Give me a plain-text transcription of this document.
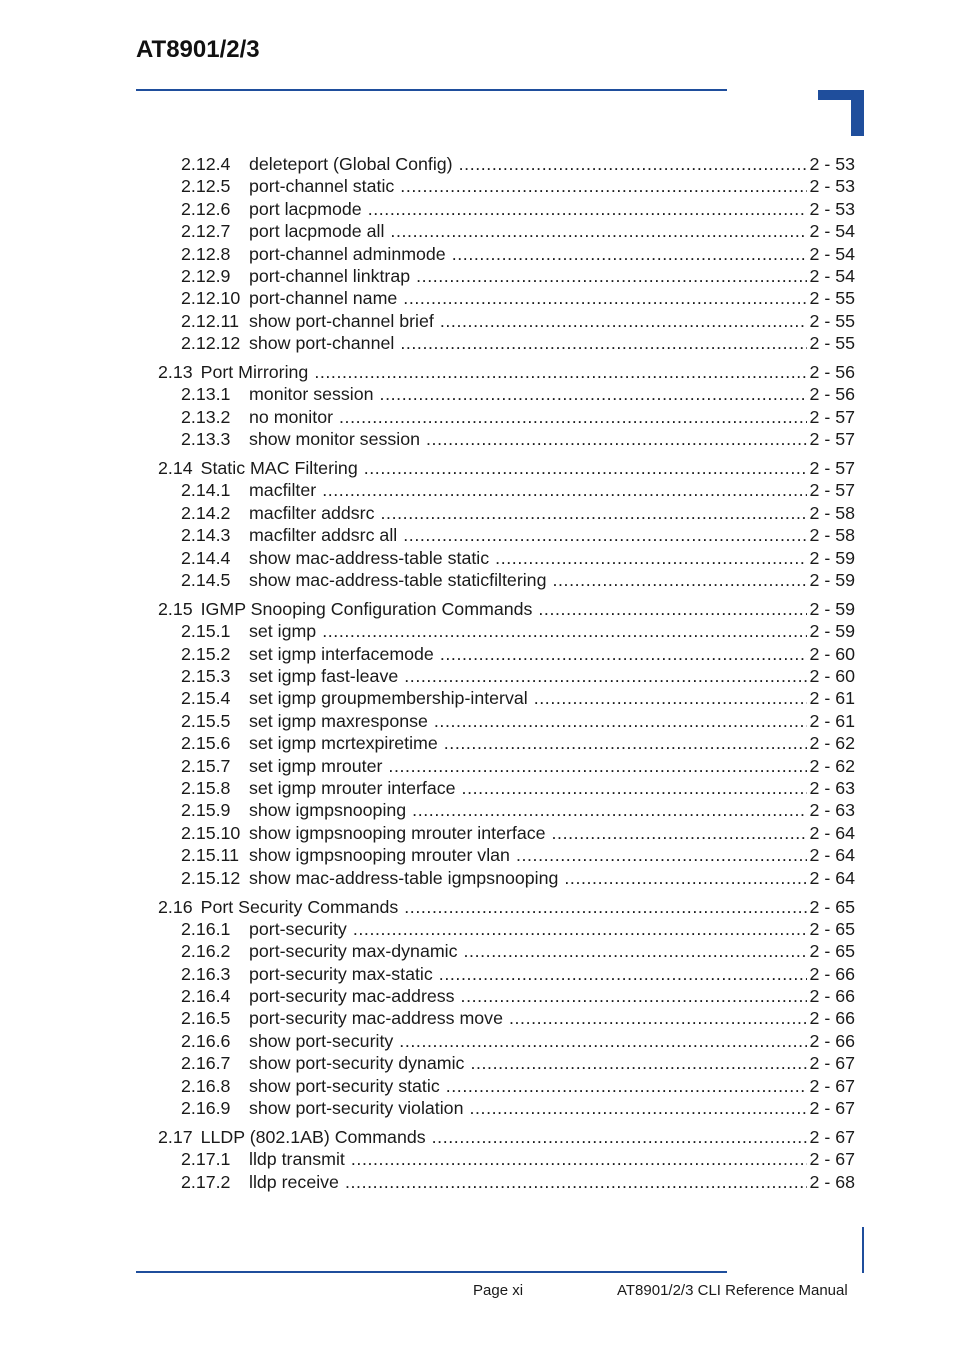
AT8901/2/3
2.12.4	deleteport (Global Config) .....	2 - 53
2.12.5	port-channel static .....	2 - 53
2.12.6	port lacpmode .....	2 - 53
2.12.7	port lacpmode all .....	2 - 54
2.12.8	port-channel adminmode .....	2 - 54
2.12.9	port-channel linktrap .....	2 - 54
2.12.10 port-channel name .....	2 - 55
2.12.11 show port-channel brief .....	2 - 55
2.12.12 show port-channel .....	2 - 55
2.13 Port Mirroring .....	2 - 56
2.13.1	monitor session .....	2 - 56
2.13.2	no monitor .....	2 - 57
2.13.3	show monitor session .....	2 - 57
2.14 Static MAC Filtering .....	2 - 57
2.14.1	macfilter .....	2 - 57
2.14.2	macfilter addsrc .....	2 - 58
2.14.3	macfilter addsrc all .....	2 - 58
2.14.4	show mac-address-table static .....	2 - 59
2.14.5	show mac-address-table staticfiltering .....	2 - 59
2.15 IGMP Snooping Configuration Commands .....	2 - 59
2.15.1	set igmp .....	2 - 59
2.15.2	set igmp interfacemode .....	2 - 60
2.15.3	set igmp fast-leave .....	2 - 60
2.15.4	set igmp groupmembership-interval .....	2 - 61
2.15.5	set igmp maxresponse .....	2 - 61
2.15.6	set igmp mcrtexpiretime .....	2 - 62
2.15.7	set igmp mrouter .....	2 - 62
2.15.8	set igmp mrouter interface .....	2 - 63
2.15.9	show igmpsnooping .....	2 - 63
2.15.10 show igmpsnooping mrouter interface .....	2 - 64
2.15.11 show igmpsnooping mrouter vlan .....	2 - 64
2.15.12 show mac-address-table igmpsnooping .....	2 - 64
2.16 Port Security Commands .....	2 - 65
2.16.1	port-security .....	2 - 65
2.16.2	port-security max-dynamic .....	2 - 65
2.16.3	port-security max-static .....	2 - 66
2.16.4	port-security mac-address .....	2 - 66
2.16.5	port-security mac-address move .....	2 - 66
2.16.6	show port-security .....	2 - 66
2.16.7	show port-security dynamic .....	2 - 67
2.16.8	show port-security static .....	2 - 67
2.16.9	show port-security violation .....	2 - 67
2.17 LLDP (802.1AB) Commands .....	2 - 67
2.17.1	lldp transmit .....	2 - 67
2.17.2	lldp receive .....	2 - 68
Page xi	AT8901/2/3 CLI Reference Manual
